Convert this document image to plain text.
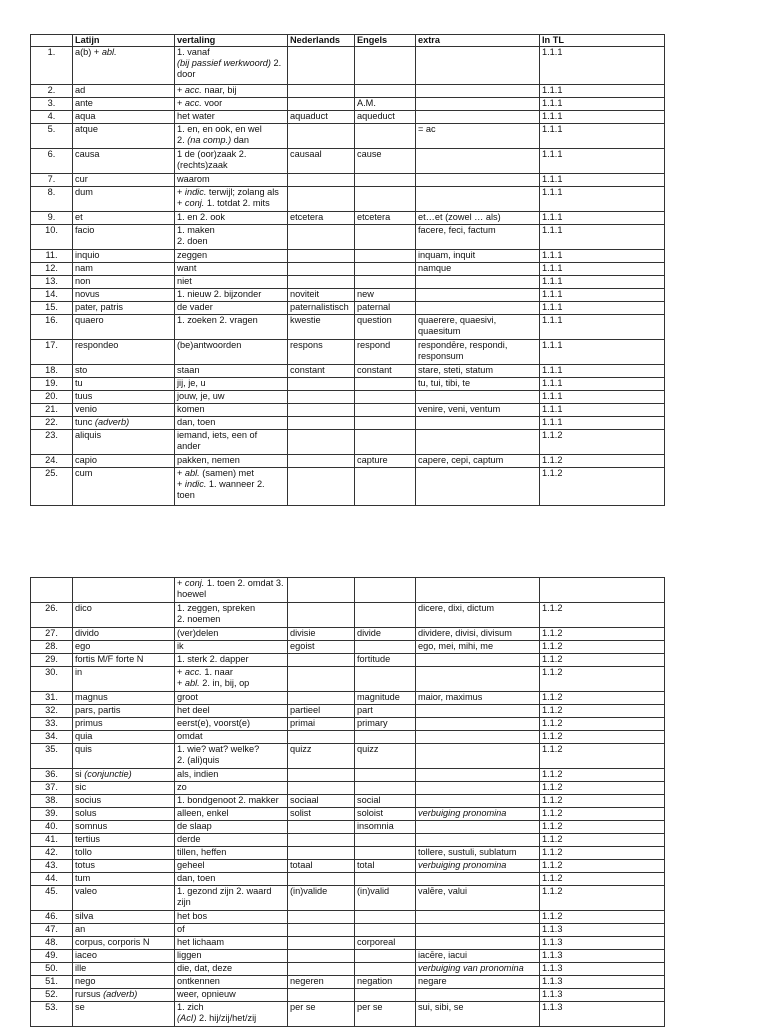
	Latijn	vertaling	Nederlands	Engels	extra	In TL
1.	a(b) + abl.	1. vanaf
(bij passief werkwoord) 2.
door				1.1.1
2.	ad	+ acc. naar, bij				1.1.1
3.	ante	+ acc. voor		A.M.		1.1.1
4.	aqua	het water	aquaduct	aqueduct		1.1.1
5.	atque	1. en, en ook, en wel
2. (na comp.) dan			= ac	1.1.1
6.	causa	1 de (oor)zaak 2.
(rechts)zaak	causaal	cause		1.1.1
7.	cur	waarom				1.1.1
8.	dum	+ indic. terwijl; zolang als
+ conj. 1. totdat 2. mits				1.1.1
9.	et	1. en 2. ook	etcetera	etcetera	et…et (zowel … als)	1.1.1
10.	facio	1. maken
2. doen			facere, feci, factum	1.1.1
11.	inquio	zeggen			inquam, inquit	1.1.1
12.	nam	want			namque	1.1.1
13.	non	niet				1.1.1
14.	novus	1. nieuw 2. bijzonder	noviteit	new		1.1.1
15.	pater, patris	de vader	paternalistisch	paternal		1.1.1
16.	quaero	1. zoeken 2. vragen	kwestie	question	quaerere, quaesivi,
quaesitum	1.1.1
17.	respondeo	(be)antwoorden	respons	respond	respondēre, respondi,
responsum	1.1.1
18.	sto	staan	constant	constant	stare, steti, statum	1.1.1
19.	tu	jij, je, u			tu, tui, tibi, te	1.1.1
20.	tuus	jouw, je, uw				1.1.1
21.	venio	komen			venire, veni, ventum	1.1.1
22.	tunc (adverb)	dan, toen				1.1.1
23.	aliquis	iemand, iets, een of
ander				1.1.2
24.	capio	pakken, nemen		capture	capere, cepi, captum	1.1.2
25.	cum	+ abl. (samen) met
+ indic. 1. wanneer 2.
toen				1.1.2
		+ conj. 1. toen 2. omdat 3.
hoewel				
26.	dico	1. zeggen, spreken
2. noemen			dicere, dixi, dictum	1.1.2
27.	divido	(ver)delen	divisie	divide	dividere, divisi, divisum	1.1.2
28.	ego	ik	egoist		ego, mei, mihi, me	1.1.2
29.	fortis M/F forte N	1. sterk 2. dapper		fortitude		1.1.2
30.	in	+ acc. 1. naar
+ abl. 2. in, bij, op				1.1.2
31.	magnus	groot		magnitude	maior, maximus	1.1.2
32.	pars, partis	het deel	partieel	part		1.1.2
33.	primus	eerst(e), voorst(e)	primai	primary		1.1.2
34.	quia	omdat				1.1.2
35.	quis	1. wie? wat? welke?
2. (ali)quis	quizz	quizz		1.1.2
36.	si (conjunctie)	als, indien				1.1.2
37.	sic	zo				1.1.2
38.	socius	1. bondgenoot 2. makker	sociaal	social		1.1.2
39.	solus	alleen, enkel	solist	soloist	verbuiging pronomina	1.1.2
40.	somnus	de slaap		insomnia		1.1.2
41.	tertius	derde				1.1.2
42.	tollo	tillen, heffen			tollere, sustuli, sublatum	1.1.2
43.	totus	geheel	totaal	total	verbuiging pronomina	1.1.2
44.	tum	dan, toen				1.1.2
45.	valeo	1. gezond zijn 2. waard
zijn	(in)valide	(in)valid	valēre, valui	1.1.2
46.	silva	het bos				1.1.2
47.	an	of				1.1.3
48.	corpus, corporis N	het lichaam		corporeal		1.1.3
49.	iaceo	liggen			iacēre, iacui	1.1.3
50.	ille	die, dat, deze			verbuiging van pronomina	1.1.3
51.	nego	ontkennen	negeren	negation	negare	1.1.3
52.	rursus (adverb)	weer, opnieuw				1.1.3
53.	se	1. zich
(AcI) 2. hij/zij/het/zij	per se	per se	sui, sibi, se	1.1.3
